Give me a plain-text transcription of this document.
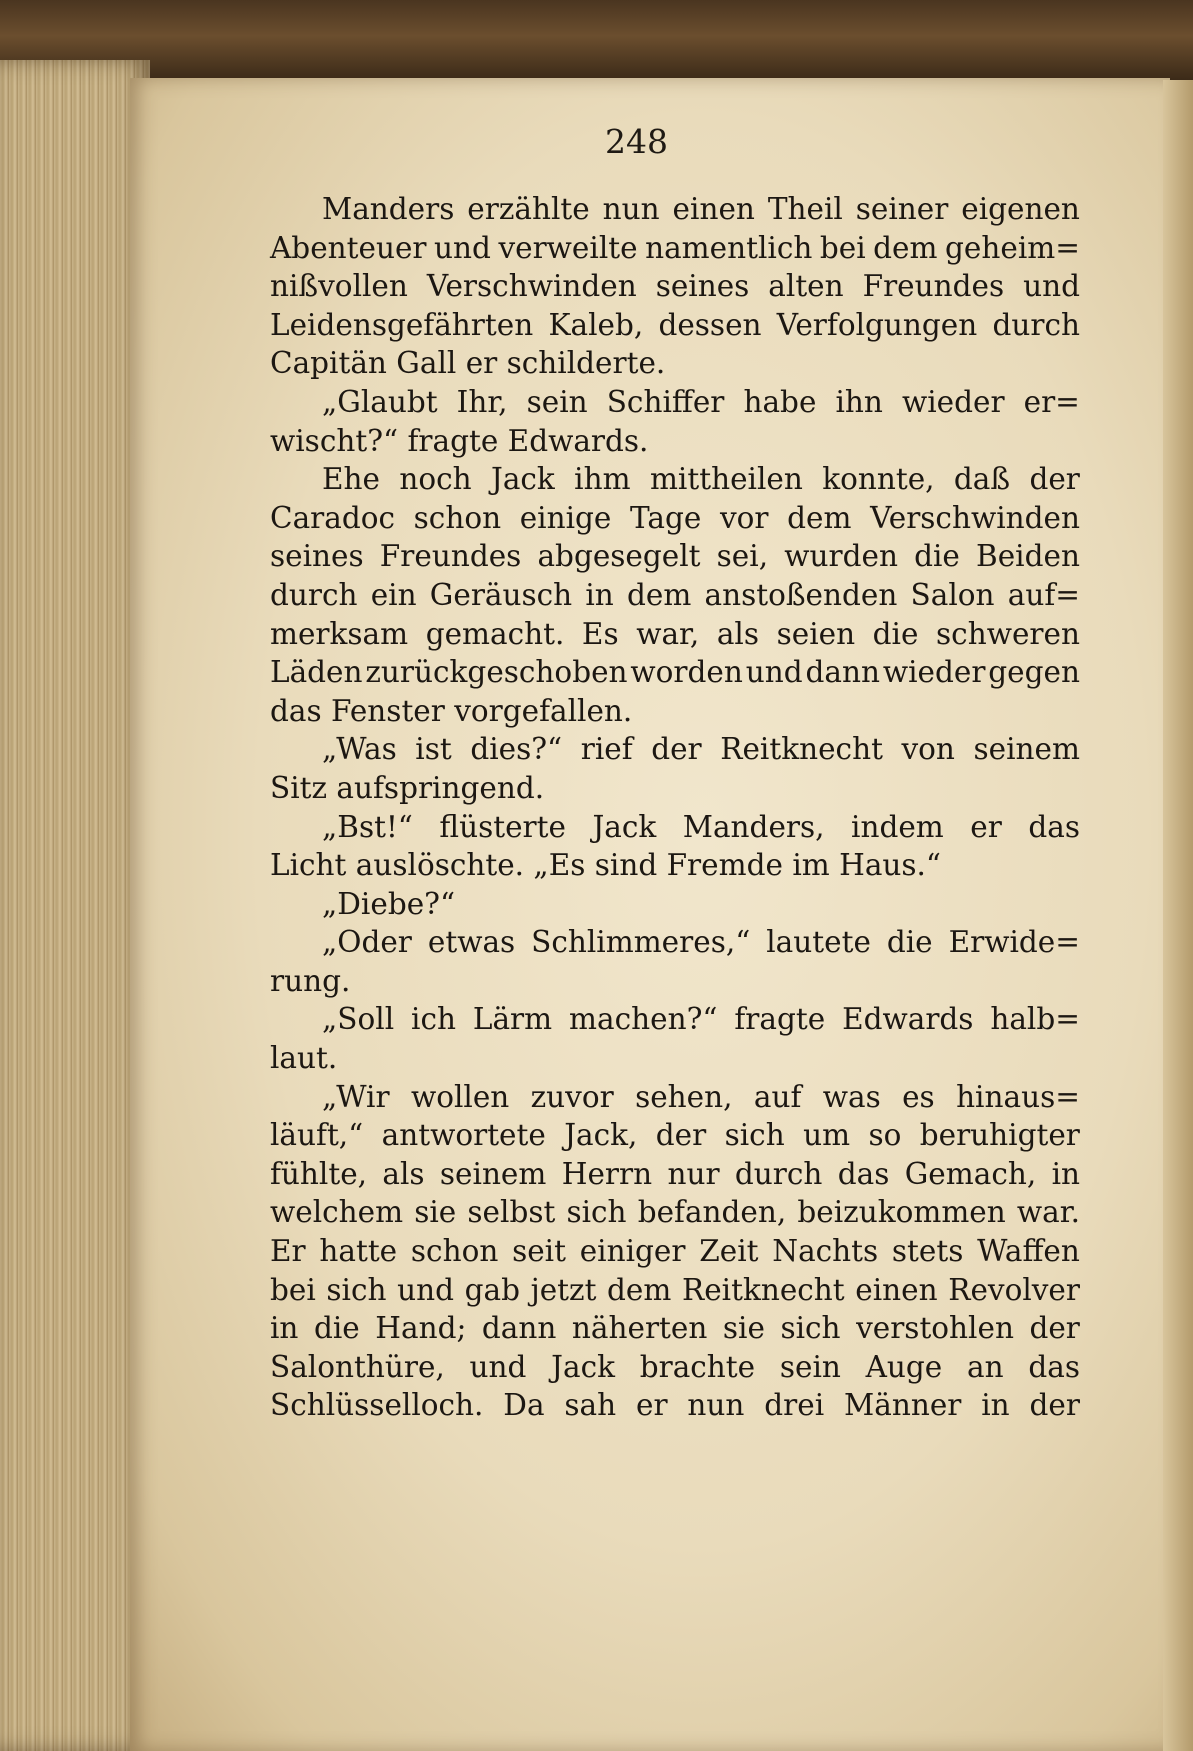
248
Manders erzählte nun einen Theil seiner eigenen
Abenteuer und verweilte namentlich bei dem geheim=
nißvollen Verschwinden seines alten Freundes und
Leidensgefährten Kaleb, dessen Verfolgungen durch
Capitän Gall er schilderte.
„Glaubt Ihr, sein Schiffer habe ihn wieder er=
wischt?“ fragte Edwards.
Ehe noch Jack ihm mittheilen konnte, daß der
Caradoc schon einige Tage vor dem Verschwinden
seines Freundes abgesegelt sei, wurden die Beiden
durch ein Geräusch in dem anstoßenden Salon auf=
merksam gemacht. Es war, als seien die schweren
Läden zurückgeschoben worden und dann wieder gegen
das Fenster vorgefallen.
„Was ist dies?“ rief der Reitknecht von seinem
Sitz aufspringend.
„Bst!“ flüsterte Jack Manders, indem er das
Licht auslöschte. „Es sind Fremde im Haus.“
„Diebe?“
„Oder etwas Schlimmeres,“ lautete die Erwide=
rung.
„Soll ich Lärm machen?“ fragte Edwards halb=
laut.
„Wir wollen zuvor sehen, auf was es hinaus=
läuft,“ antwortete Jack, der sich um so beruhigter
fühlte, als seinem Herrn nur durch das Gemach, in
welchem sie selbst sich befanden, beizukommen war.
Er hatte schon seit einiger Zeit Nachts stets Waffen
bei sich und gab jetzt dem Reitknecht einen Revolver
in die Hand; dann näherten sie sich verstohlen der
Salonthüre, und Jack brachte sein Auge an das
Schlüsselloch. Da sah er nun drei Männer in der
